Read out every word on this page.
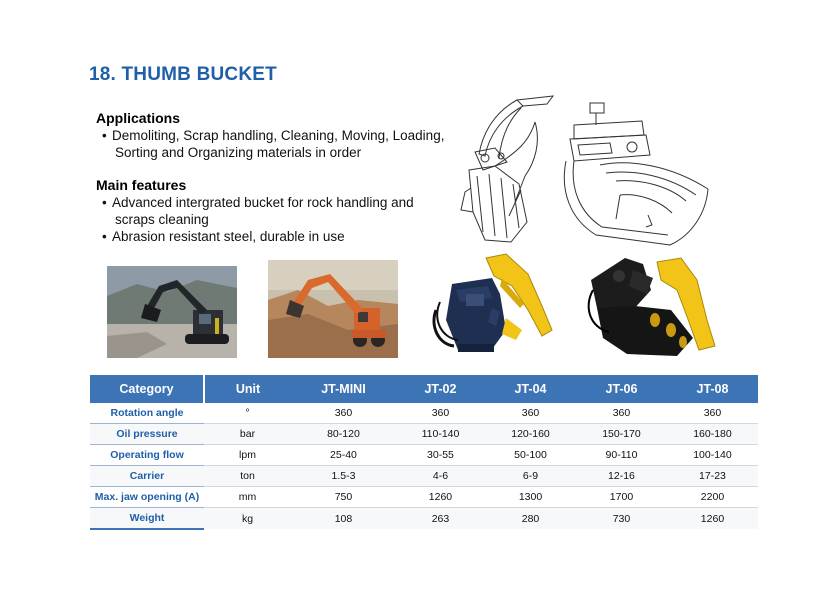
18. THUMB BUCKET
Applications
• Demoliting, Scrap handling, Cleaning, Moving, Loading,
Sorting and Organizing materials in order
Main features
• Advanced intergrated bucket for rock handling and
scraps cleaning
• Abrasion resistant steel, durable in use
Category	Unit	JT-MINI	JT-02	JT-04	JT-06	JT-08
Rotation angle	°	360	360	360	360	360
Oil pressure	bar	80-120	110-140	120-160	150-170	160-180
Operating flow	lpm	25-40	30-55	50-100	90-110	100-140
Carrier	ton	1.5-3	4-6	6-9	12-16	17-23
Max. jaw opening (A)	mm	750	1260	1300	1700	2200
Weight	kg	108	263	280	730	1260
